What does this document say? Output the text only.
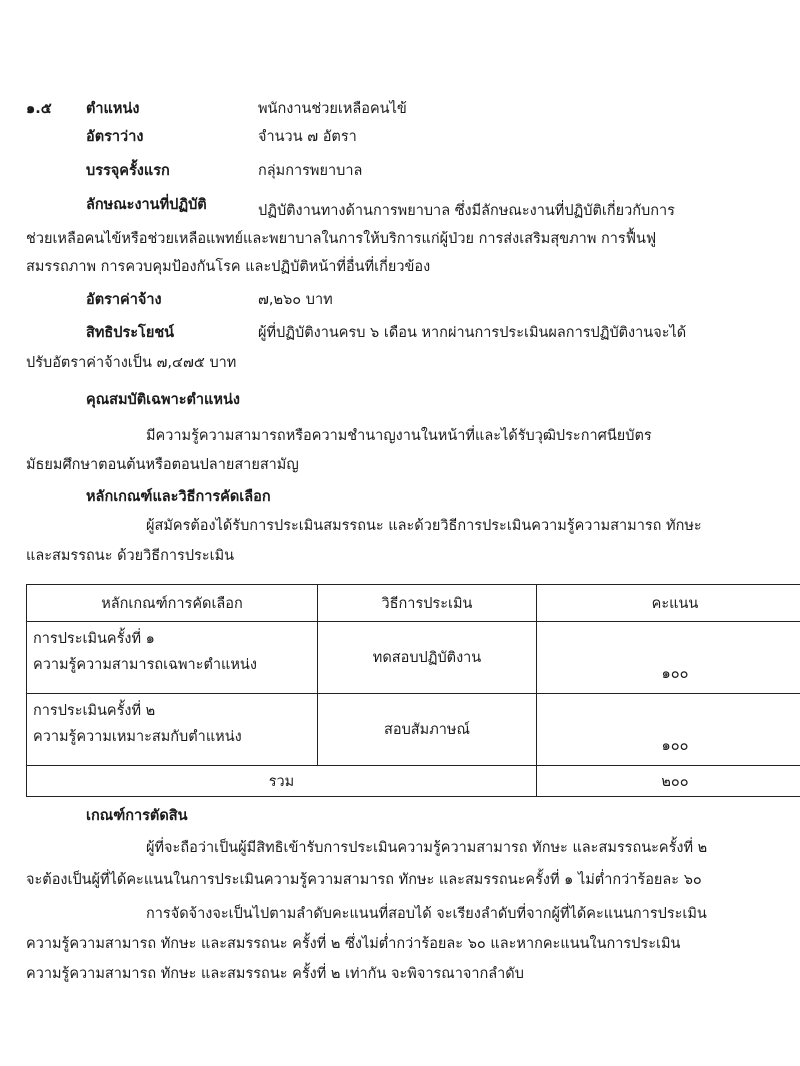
๑.๕ ตำแหน่ง	พนักงานช่วยเหลือคนไข้
อัตราว่าง	จำนวน ๗ อัตรา
บรรจุครั้งแรก	กลุ่มการพยาบาล
ลักษณะงานที่ปฏิบัติ	ปฏิบัติงานทางด้านการพยาบาล ซึ่งมีลักษณะงานที่ปฏิบัติเกี่ยวกับการ
ช่วยเหลือคนไข้หรือช่วยเหลือแพทย์และพยาบาลในการให้บริการแก่ผู้ป่วย การส่งเสริมสุขภาพ การฟื้นฟู
สมรรถภาพ การควบคุมป้องกันโรค และปฏิบัติหน้าที่อื่นที่เกี่ยวข้อง
อัตราค่าจ้าง	๗,๒๖๐ บาท
สิทธิประโยชน์	ผู้ที่ปฏิบัติงานครบ ๖ เดือน หากผ่านการประเมินผลการปฏิบัติงานจะได้
ปรับอัตราค่าจ้างเป็น ๗,๔๗๕ บาท
คุณสมบัติเฉพาะตำแหน่ง
มีความรู้ความสามารถหรือความชำนาญงานในหน้าที่และได้รับวุฒิประกาศนียบัตร
มัธยมศึกษาตอนต้นหรือตอนปลายสายสามัญ
หลักเกณฑ์และวิธีการคัดเลือก
ผู้สมัครต้องได้รับการประเมินสมรรถนะ และด้วยวิธีการประเมินความรู้ความสามารถ ทักษะ
และสมรรถนะ ด้วยวิธีการประเมิน
หลักเกณฑ์การคัดเลือก	วิธีการประเมิน	คะแนน

การประเมินครั้งที่ ๑
ความรู้ความสามารถเฉพาะตำแหน่ง	ทดสอบปฏิบัติงาน	๑๐๐

การประเมินครั้งที่ ๒
ความรู้ความเหมาะสมกับตำแหน่ง	สอบสัมภาษณ์	๑๐๐
รวม		๒๐๐
เกณฑ์การตัดสิน
ผู้ที่จะถือว่าเป็นผู้มีสิทธิเข้ารับการประเมินความรู้ความสามารถ ทักษะ และสมรรถนะครั้งที่ ๒
จะต้องเป็นผู้ที่ได้คะแนนในการประเมินความรู้ความสามารถ ทักษะ และสมรรถนะครั้งที่ ๑ ไม่ต่ำกว่าร้อยละ ๖๐
การจัดจ้างจะเป็นไปตามลำดับคะแนนที่สอบได้ จะเรียงลำดับที่จากผู้ที่ได้คะแนนการประเมิน
ความรู้ความสามารถ ทักษะ และสมรรถนะ ครั้งที่ ๒ ซึ่งไม่ต่ำกว่าร้อยละ ๖๐ และหากคะแนนในการประเมิน
ความรู้ความสามารถ ทักษะ และสมรรถนะ ครั้งที่ ๒ เท่ากัน จะพิจารณาจากลำดับ
